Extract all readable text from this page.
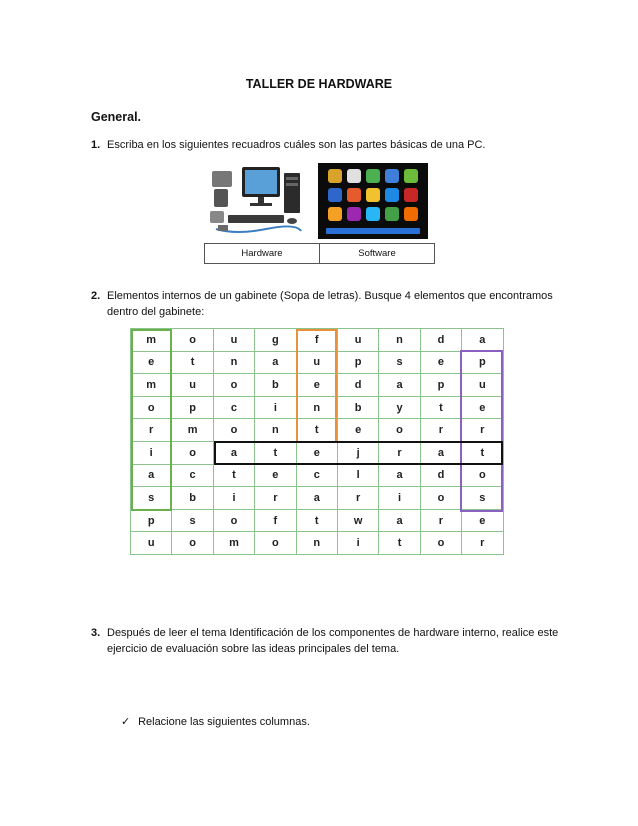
TALLER DE HARDWARE
General.
1. Escriba en los siguientes recuadros cuáles son las partes básicas de una PC.
Hardware	Software
2. Elementos internos de un gabinete (Sopa de letras). Busque 4 elementos que encontramos
dentro del gabinete:
m	o	u	g	f	u	n	d	a
e	t	n	a	u	p	s	e	p
m	u	o	b	e	d	a	p	u
o	p	c	i	n	b	y	t	e
r	m	o	n	t	e	o	r	r
i	o	a	t	e	j	r	a	t
a	c	t	e	c	l	a	d	o
s	b	i	r	a	r	i	o	s
p	s	o	f	t	w	a	r	e
u	o	m	o	n	i	t	o	r
3. Después de leer el tema Identificación de los componentes de hardware interno, realice este
ejercicio de evaluación sobre las ideas principales del tema.
✓ Relacione las siguientes columnas.
